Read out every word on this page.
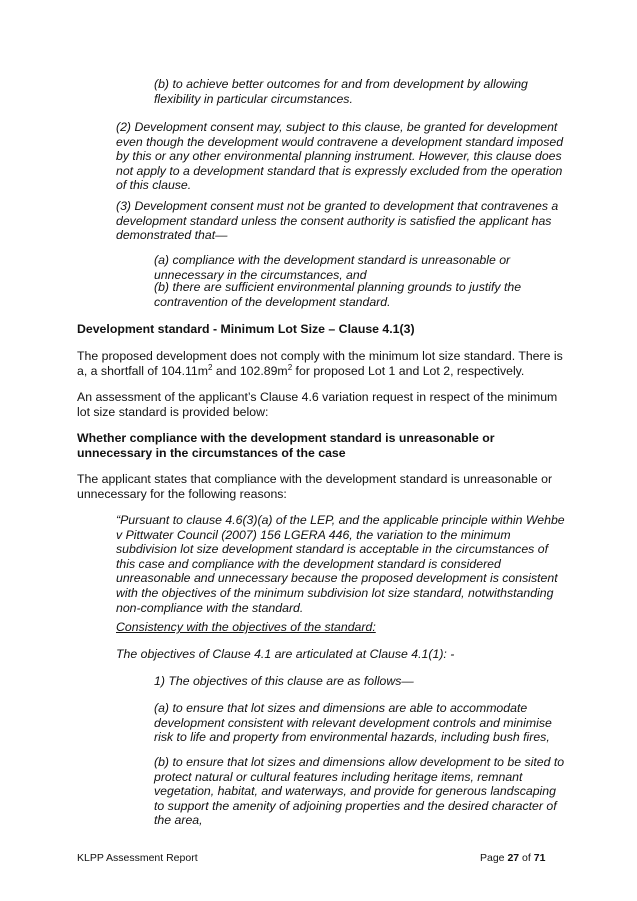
(b) to achieve better outcomes for and from development by allowing flexibility in particular circumstances.

(2) Development consent may, subject to this clause, be granted for development even though the development would contravene a development standard imposed by this or any other environmental planning instrument. However, this clause does not apply to a development standard that is expressly excluded from the operation of this clause.

(3) Development consent must not be granted to development that contravenes a development standard unless the consent authority is satisfied the applicant has demonstrated that—

(a) compliance with the development standard is unreasonable or unnecessary in the circumstances, and

(b) there are sufficient environmental planning grounds to justify the contravention of the development standard.

Development standard - Minimum Lot Size – Clause 4.1(3)

The proposed development does not comply with the minimum lot size standard. There is a, a shortfall of $104.11m^2$ and $102.89m^2$ for proposed Lot 1 and Lot 2, respectively.

An assessment of the applicant’s Clause 4.6 variation request in respect of the minimum lot size standard is provided below:

Whether compliance with the development standard is unreasonable or unnecessary in the circumstances of the case

The applicant states that compliance with the development standard is unreasonable or unnecessary for the following reasons:

“Pursuant to clause 4.6(3)(a) of the LEP, and the applicable principle within Wehbe v Pittwater Council (2007) 156 LGERA 446, the variation to the minimum subdivision lot size development standard is acceptable in the circumstances of this case and compliance with the development standard is considered unreasonable and unnecessary because the proposed development is consistent with the objectives of the minimum subdivision lot size standard, notwithstanding non-compliance with the standard.

Consistency with the objectives of the standard:

The objectives of Clause 4.1 are articulated at Clause 4.1(1): -

1) The objectives of this clause are as follows—

(a) to ensure that lot sizes and dimensions are able to accommodate development consistent with relevant development controls and minimise risk to life and property from environmental hazards, including bush fires,

(b) to ensure that lot sizes and dimensions allow development to be sited to protect natural or cultural features including heritage items, remnant vegetation, habitat, and waterways, and provide for generous landscaping to support the amenity of adjoining properties and the desired character of the area,

KLPP Assessment Report	Page 27 of 71
